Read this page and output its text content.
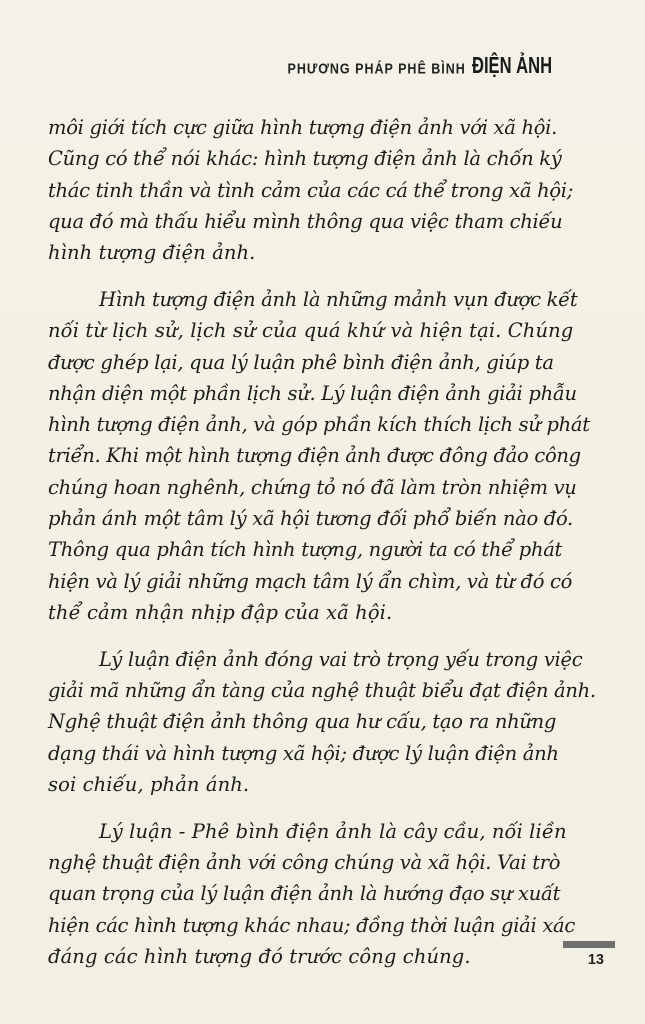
PHƯƠNG PHÁP PHÊ BÌNH ĐIỆN ẢNH

môi giới tích cực giữa hình tượng điện ảnh với xã hội.
Cũng có thể nói khác: hình tượng điện ảnh là chốn ký
thác tinh thần và tình cảm của các cá thể trong xã hội;
qua đó mà thấu hiểu mình thông qua việc tham chiếu
hình tượng điện ảnh.

Hình tượng điện ảnh là những mảnh vụn được kết
nối từ lịch sử, lịch sử của quá khứ và hiện tại. Chúng
được ghép lại, qua lý luận phê bình điện ảnh, giúp ta
nhận diện một phần lịch sử. Lý luận điện ảnh giải phẫu
hình tượng điện ảnh, và góp phần kích thích lịch sử phát
triển. Khi một hình tượng điện ảnh được đông đảo công
chúng hoan nghênh, chứng tỏ nó đã làm tròn nhiệm vụ
phản ánh một tâm lý xã hội tương đối phổ biến nào đó.
Thông qua phân tích hình tượng, người ta có thể phát
hiện và lý giải những mạch tâm lý ẩn chìm, và từ đó có
thể cảm nhận nhịp đập của xã hội.

Lý luận điện ảnh đóng vai trò trọng yếu trong việc
giải mã những ẩn tàng của nghệ thuật biểu đạt điện ảnh.
Nghệ thuật điện ảnh thông qua hư cấu, tạo ra những
dạng thái và hình tượng xã hội; được lý luận điện ảnh
soi chiếu, phản ánh.

Lý luận - Phê bình điện ảnh là cây cầu, nối liền
nghệ thuật điện ảnh với công chúng và xã hội. Vai trò
quan trọng của lý luận điện ảnh là hướng đạo sự xuất
hiện các hình tượng khác nhau; đồng thời luận giải xác
đáng các hình tượng đó trước công chúng.	13
